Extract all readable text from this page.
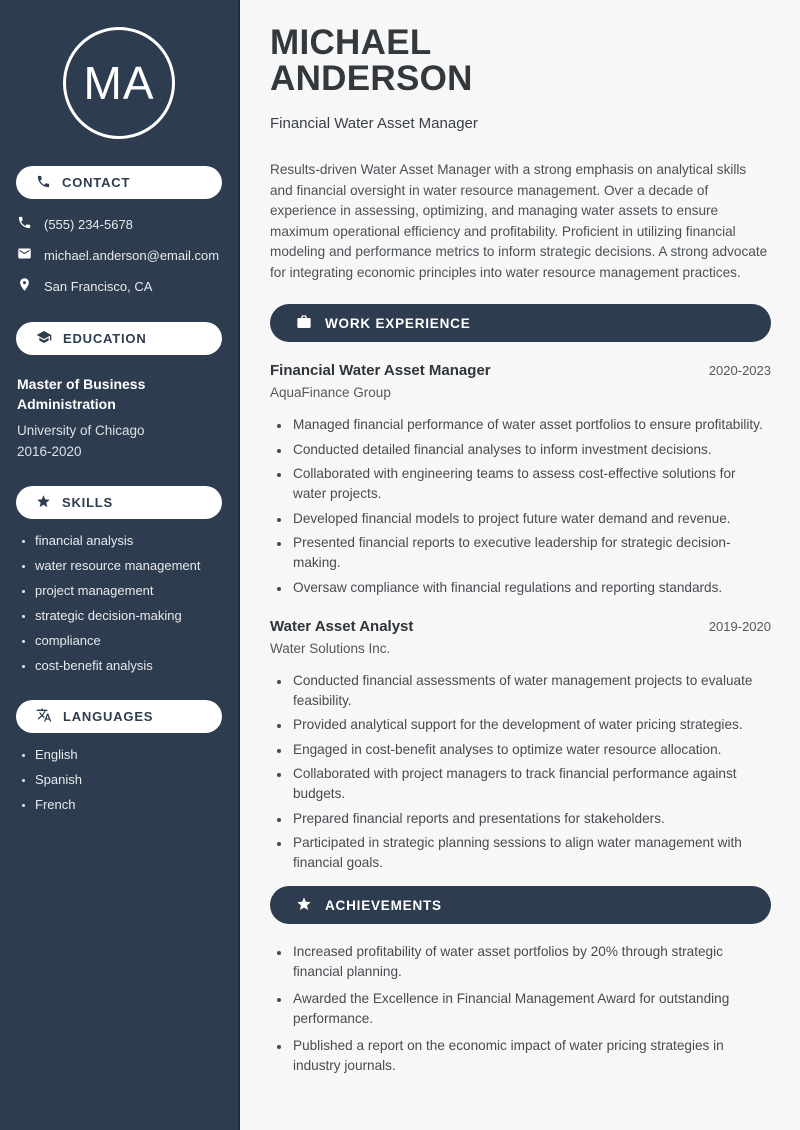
MA
CONTACT
(555) 234-5678
michael.anderson@email.com
San Francisco, CA
EDUCATION
Master of Business Administration
University of Chicago
2016-2020
SKILLS
• financial analysis
• water resource management
• project management
• strategic decision-making
• compliance
• cost-benefit analysis
LANGUAGES
• English
• Spanish
• French
MICHAEL
ANDERSON
Financial Water Asset Manager

Results-driven Water Asset Manager with a strong emphasis on analytical skills and financial oversight in water resource management. Over a decade of experience in assessing, optimizing, and managing water assets to ensure maximum operational efficiency and profitability. Proficient in utilizing financial modeling and performance metrics to inform strategic decisions. A strong advocate for integrating economic principles into water resource management practices.

WORK EXPERIENCE
Financial Water Asset Manager	2020-2023
AquaFinance Group
• Managed financial performance of water asset portfolios to ensure profitability.
• Conducted detailed financial analyses to inform investment decisions.
• Collaborated with engineering teams to assess cost-effective solutions for water projects.
• Developed financial models to project future water demand and revenue.
• Presented financial reports to executive leadership for strategic decision-making.
• Oversaw compliance with financial regulations and reporting standards.
Water Asset Analyst	2019-2020
Water Solutions Inc.
• Conducted financial assessments of water management projects to evaluate feasibility.
• Provided analytical support for the development of water pricing strategies.
• Engaged in cost-benefit analyses to optimize water resource allocation.
• Collaborated with project managers to track financial performance against budgets.
• Prepared financial reports and presentations for stakeholders.
• Participated in strategic planning sessions to align water management with financial goals.
ACHIEVEMENTS
• Increased profitability of water asset portfolios by 20% through strategic financial planning.
• Awarded the Excellence in Financial Management Award for outstanding performance.
• Published a report on the economic impact of water pricing strategies in industry journals.
